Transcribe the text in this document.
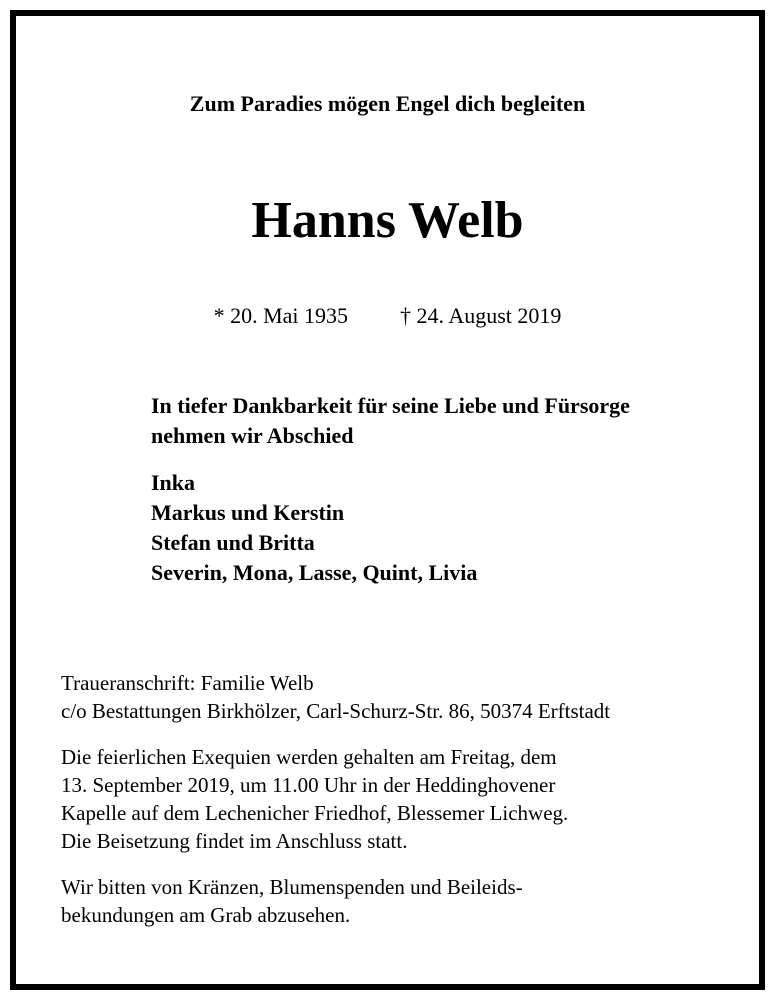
Zum Paradies mögen Engel dich begleiten
Hanns Welb
* 20. Mai 1935 † 24. August 2019
In tiefer Dankbarkeit für seine Liebe und Fürsorge
nehmen wir Abschied
Inka
Markus und Kerstin
Stefan und Britta
Severin, Mona, Lasse, Quint, Livia
Traueranschrift: Familie Welb
c/o Bestattungen Birkhölzer, Carl-Schurz-Str. 86, 50374 Erftstadt
Die feierlichen Exequien werden gehalten am Freitag, dem
13. September 2019, um 11.00 Uhr in der Heddinghovener
Kapelle auf dem Lechenicher Friedhof, Blessemer Lichweg.
Die Beisetzung findet im Anschluss statt.
Wir bitten von Kränzen, Blumenspenden und Beileids-
bekundungen am Grab abzusehen.
